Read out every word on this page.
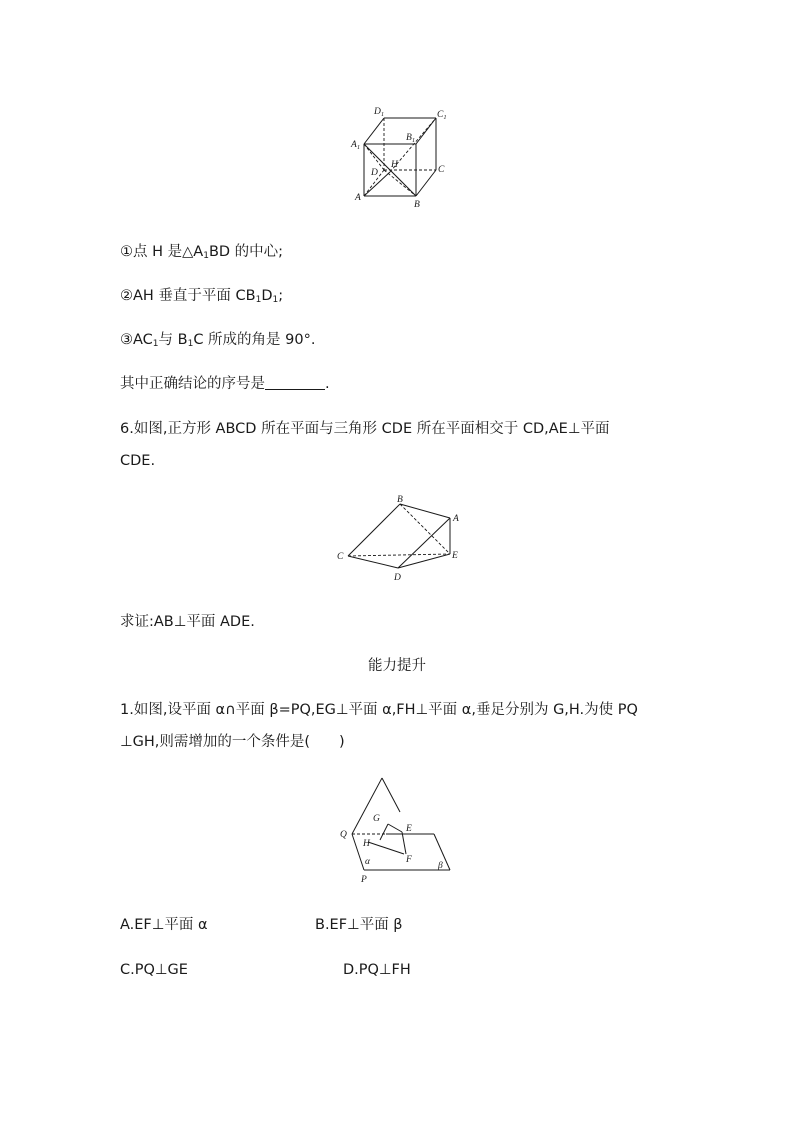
$D_1$	$C_1$
$B_1$
$A_1$
H
D	C
A
B
①点 H 是$\triangle A_1BD$ 的中心;
②AH 垂直于平面 $CB_1D_1$;
$③AC_1$与 $B_1C$ 所成的角是 90°.
其中正确结论的序号是	.
6.如图,正方形 ABCD 所在平面与三角形 CDE 所在平面相交于 CD,AE⊥平面
CDE.
B
A
C	E
D
求证:AB⊥平面 ADE.
能力提升
1.如图,设平面 α∩平面 β=PQ,EG⊥平面 α,FH⊥平面 α,垂足分别为 G,H.为使 PQ
⊥GH,则需增加的一个条件是(　　)
G
E
Q
H
F
α
P
β
A.EF⊥平面 α	B.EF⊥平面 β
C.PQ⊥GE	D.PQ⊥FH
